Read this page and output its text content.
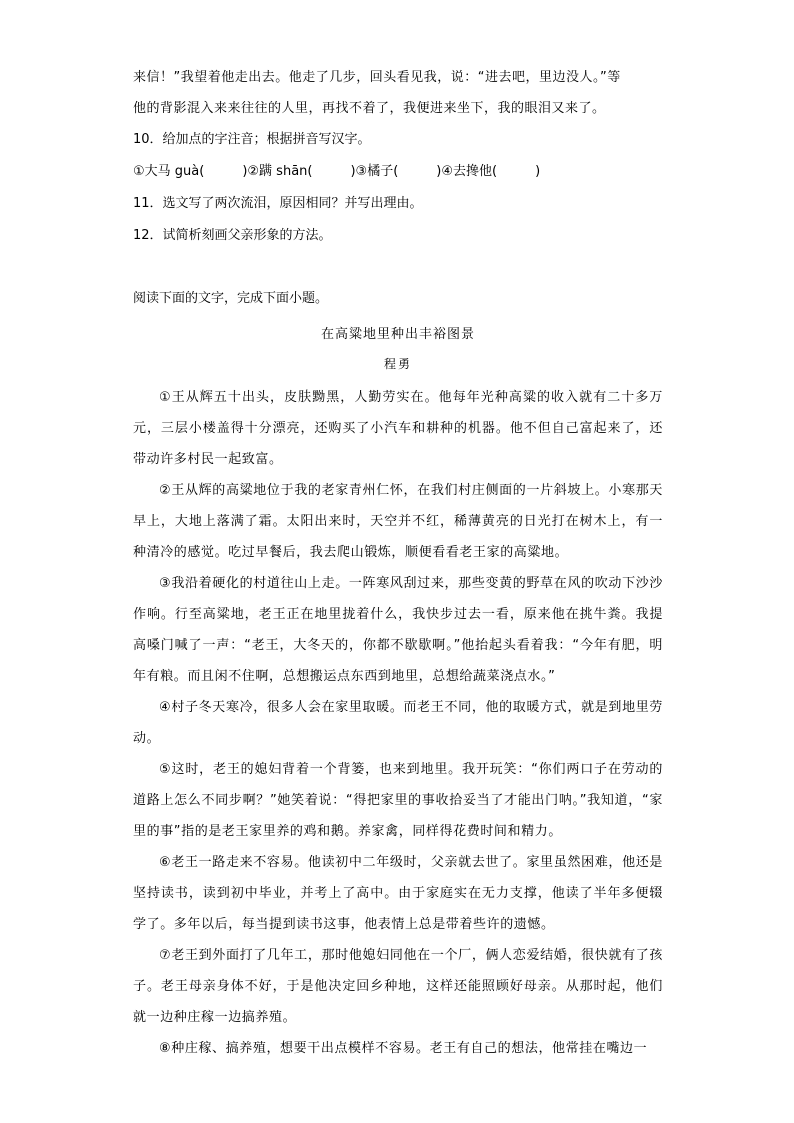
来信！”我望着他走出去。他走了几步，回头看见我，说：“进去吧，里边没人。”等

他的背影混入来来往往的人里，再找不着了，我便进来坐下，我的眼泪又来了。

10．给加点的字注音；根据拼音写汉字。

①大马 guà(	)②蹒 shān(	)③橘子(	)④去搀他(	)

11．选文写了两次流泪，原因相同？并写出理由。

12．试简析刻画父亲形象的方法。

阅读下面的文字，完成下面小题。

在高粱地里种出丰裕图景

程勇

①王从辉五十出头，皮肤黝黑，人勤劳实在。他每年光种高粱的收入就有二十多万元，三层小楼盖得十分漂亮，还购买了小汽车和耕种的机器。他不但自己富起来了，还带动许多村民一起致富。

②王从辉的高粱地位于我的老家青州仁怀，在我们村庄侧面的一片斜坡上。小寒那天早上，大地上落满了霜。太阳出来时，天空并不红，稀薄黄亮的日光打在树木上，有一种清冷的感觉。吃过早餐后，我去爬山锻炼，顺便看看老王家的高粱地。

③我沿着硬化的村道往山上走。一阵寒风刮过来，那些变黄的野草在风的吹动下沙沙作响。行至高粱地，老王正在地里拢着什么，我快步过去一看，原来他在挑牛粪。我提高嗓门喊了一声：“老王，大冬天的，你都不歇歇啊。”他抬起头看着我：“今年有肥，明年有粮。而且闲不住啊，总想搬运点东西到地里，总想给蔬菜浇点水。”

④村子冬天寒冷，很多人会在家里取暖。而老王不同，他的取暖方式，就是到地里劳动。

⑤这时，老王的媳妇背着一个背篓，也来到地里。我开玩笑：“你们两口子在劳动的道路上怎么不同步啊？”她笑着说：“得把家里的事收拾妥当了才能出门呐。”我知道，“家里的事”指的是老王家里养的鸡和鹅。养家禽，同样得花费时间和精力。

⑥老王一路走来不容易。他读初中二年级时，父亲就去世了。家里虽然困难，他还是坚持读书，读到初中毕业，并考上了高中。由于家庭实在无力支撑，他读了半年多便辍学了。多年以后，每当提到读书这事，他表情上总是带着些许的遗憾。

⑦老王到外面打了几年工，那时他媳妇同他在一个厂，俩人恋爱结婚，很快就有了孩子。老王母亲身体不好，于是他决定回乡种地，这样还能照顾好母亲。从那时起，他们就一边种庄稼一边搞养殖。

⑧种庄稼、搞养殖，想要干出点模样不容易。老王有自己的想法，他常挂在嘴边一
